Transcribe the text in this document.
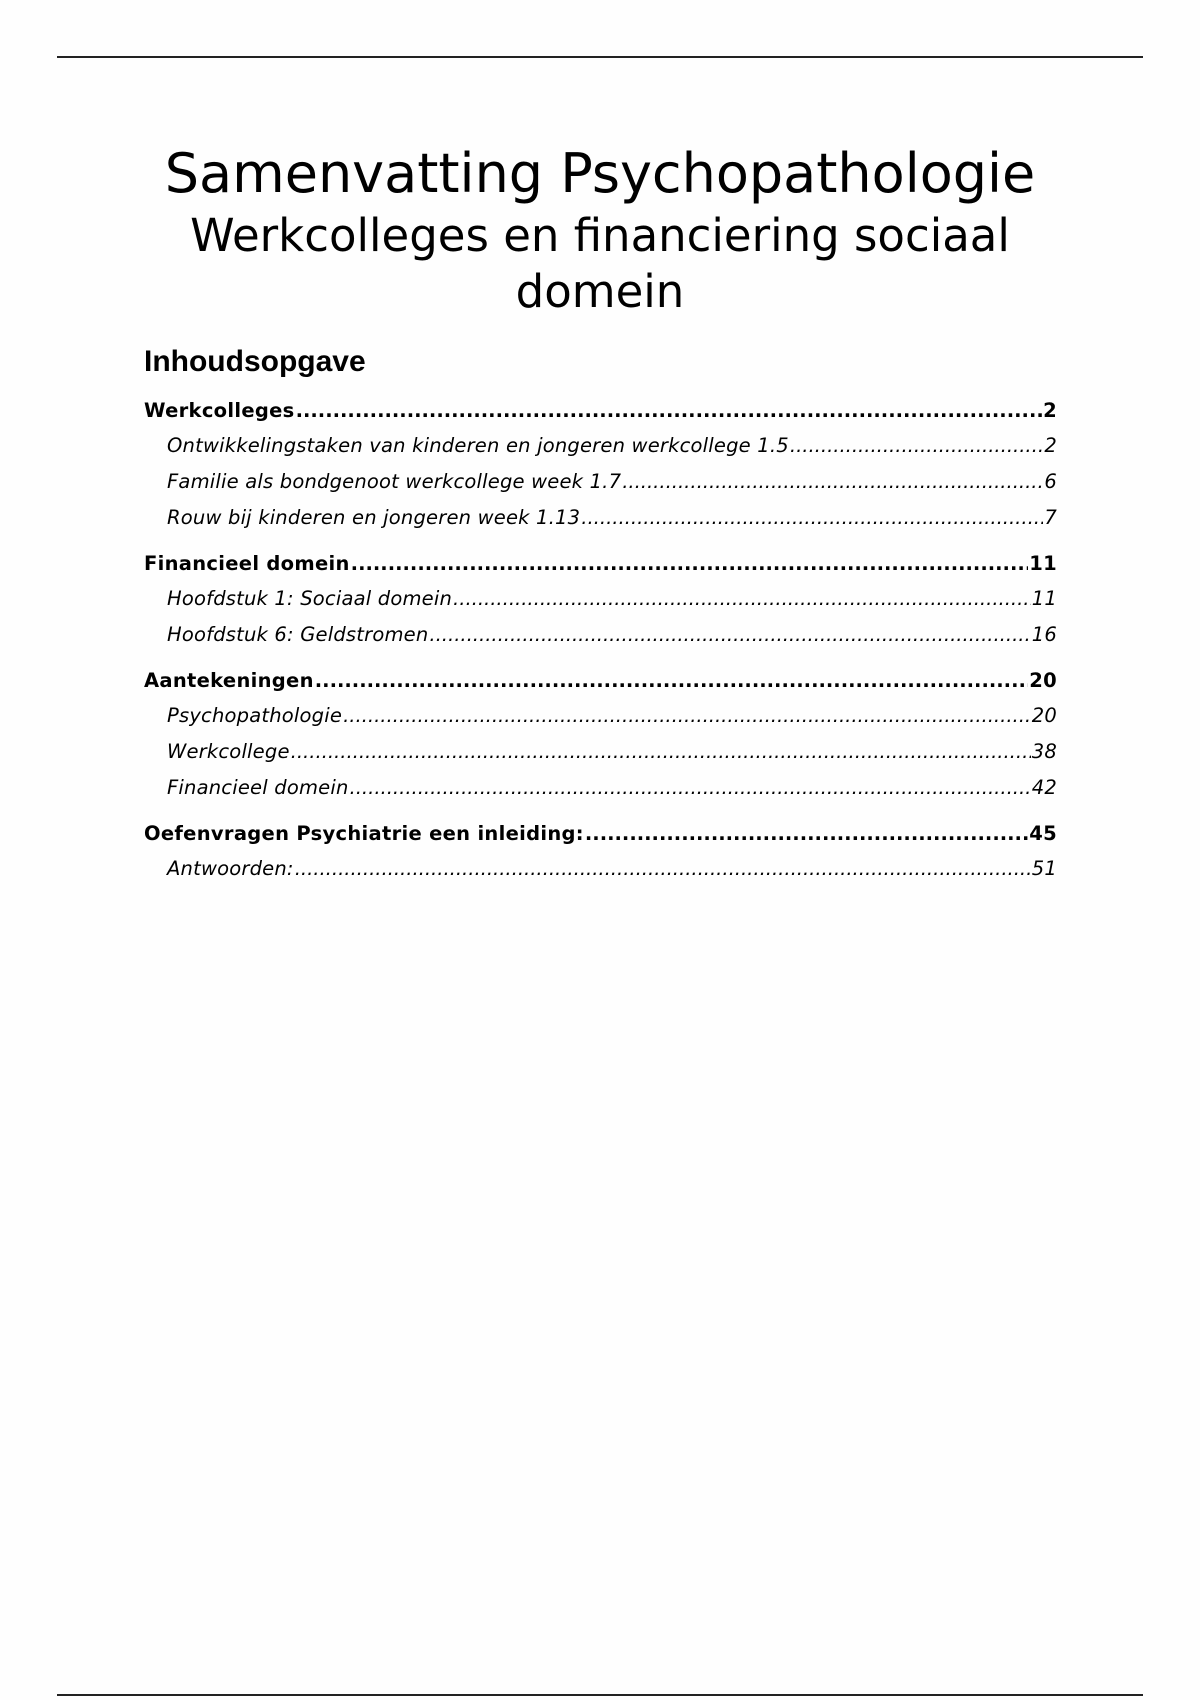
Samenvatting Psychopathologie
Werkcolleges en financiering sociaal domein
Inhoudsopgave
Werkcolleges .....	2
Ontwikkelingstaken van kinderen en jongeren werkcollege 1.5 .....	2
Familie als bondgenoot werkcollege week 1.7 .....	6
Rouw bij kinderen en jongeren week 1.13 .....	7
Financieel domein .....	11
Hoofdstuk 1: Sociaal domein .....	11
Hoofdstuk 6: Geldstromen .....	16
Aantekeningen .....	20
Psychopathologie .....	20
Werkcollege .....	38
Financieel domein .....	42
Oefenvragen Psychiatrie een inleiding: .....	45
Antwoorden: .....	51
